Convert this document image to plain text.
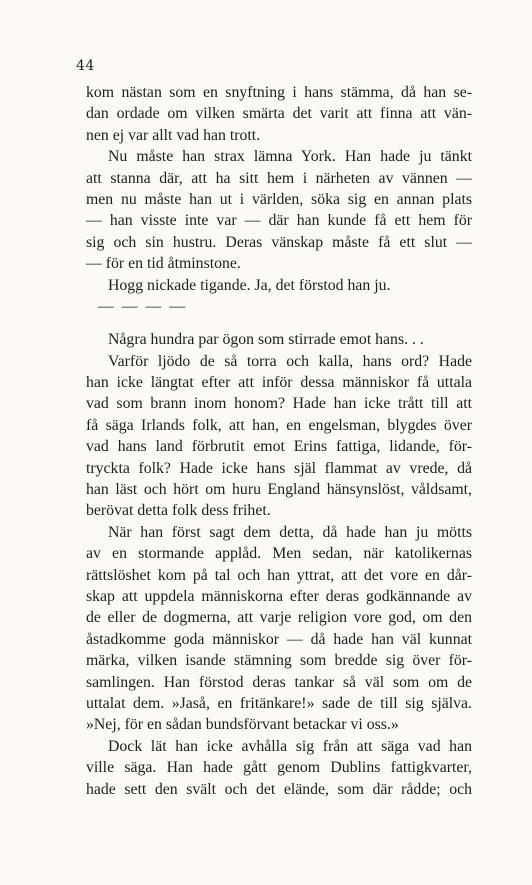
44
kom nästan som en snyftning i hans stämma, då han se-
dan ordade om vilken smärta det varit att finna att vän-
nen ej var allt vad han trott.
Nu måste han strax lämna York. Han hade ju tänkt
att stanna där, att ha sitt hem i närheten av vännen —
men nu måste han ut i världen, söka sig en annan plats
— han visste inte var — där han kunde få ett hem för
sig och sin hustru. Deras vänskap måste få ett slut —
— för en tid åtminstone.
Hogg nickade tigande. Ja, det förstod han ju.
— — — —
Några hundra par ögon som stirrade emot hans. . .
Varför ljödo de så torra och kalla, hans ord? Hade
han icke längtat efter att inför dessa människor få uttala
vad som brann inom honom? Hade han icke trått till att
få säga Irlands folk, att han, en engelsman, blygdes över
vad hans land förbrutit emot Erins fattiga, lidande, för-
tryckta folk? Hade icke hans själ flammat av vrede, då
han läst och hört om huru England hänsynslöst, våldsamt,
berövat detta folk dess frihet.
När han först sagt dem detta, då hade han ju mötts
av en stormande applåd. Men sedan, när katolikernas
rättslöshet kom på tal och han yttrat, att det vore en dår-
skap att uppdela människorna efter deras godkännande av
de eller de dogmerna, att varje religion vore god, om den
åstadkomme goda människor — då hade han väl kunnat
märka, vilken isande stämning som bredde sig över för-
samlingen. Han förstod deras tankar så väl som om de
uttalat dem. »Jaså, en fritänkare!» sade de till sig själva.
»Nej, för en sådan bundsförvant betackar vi oss.»
Dock lät han icke avhålla sig från att säga vad han
ville säga. Han hade gått genom Dublins fattigkvarter,
hade sett den svält och det elände, som där rådde; och
